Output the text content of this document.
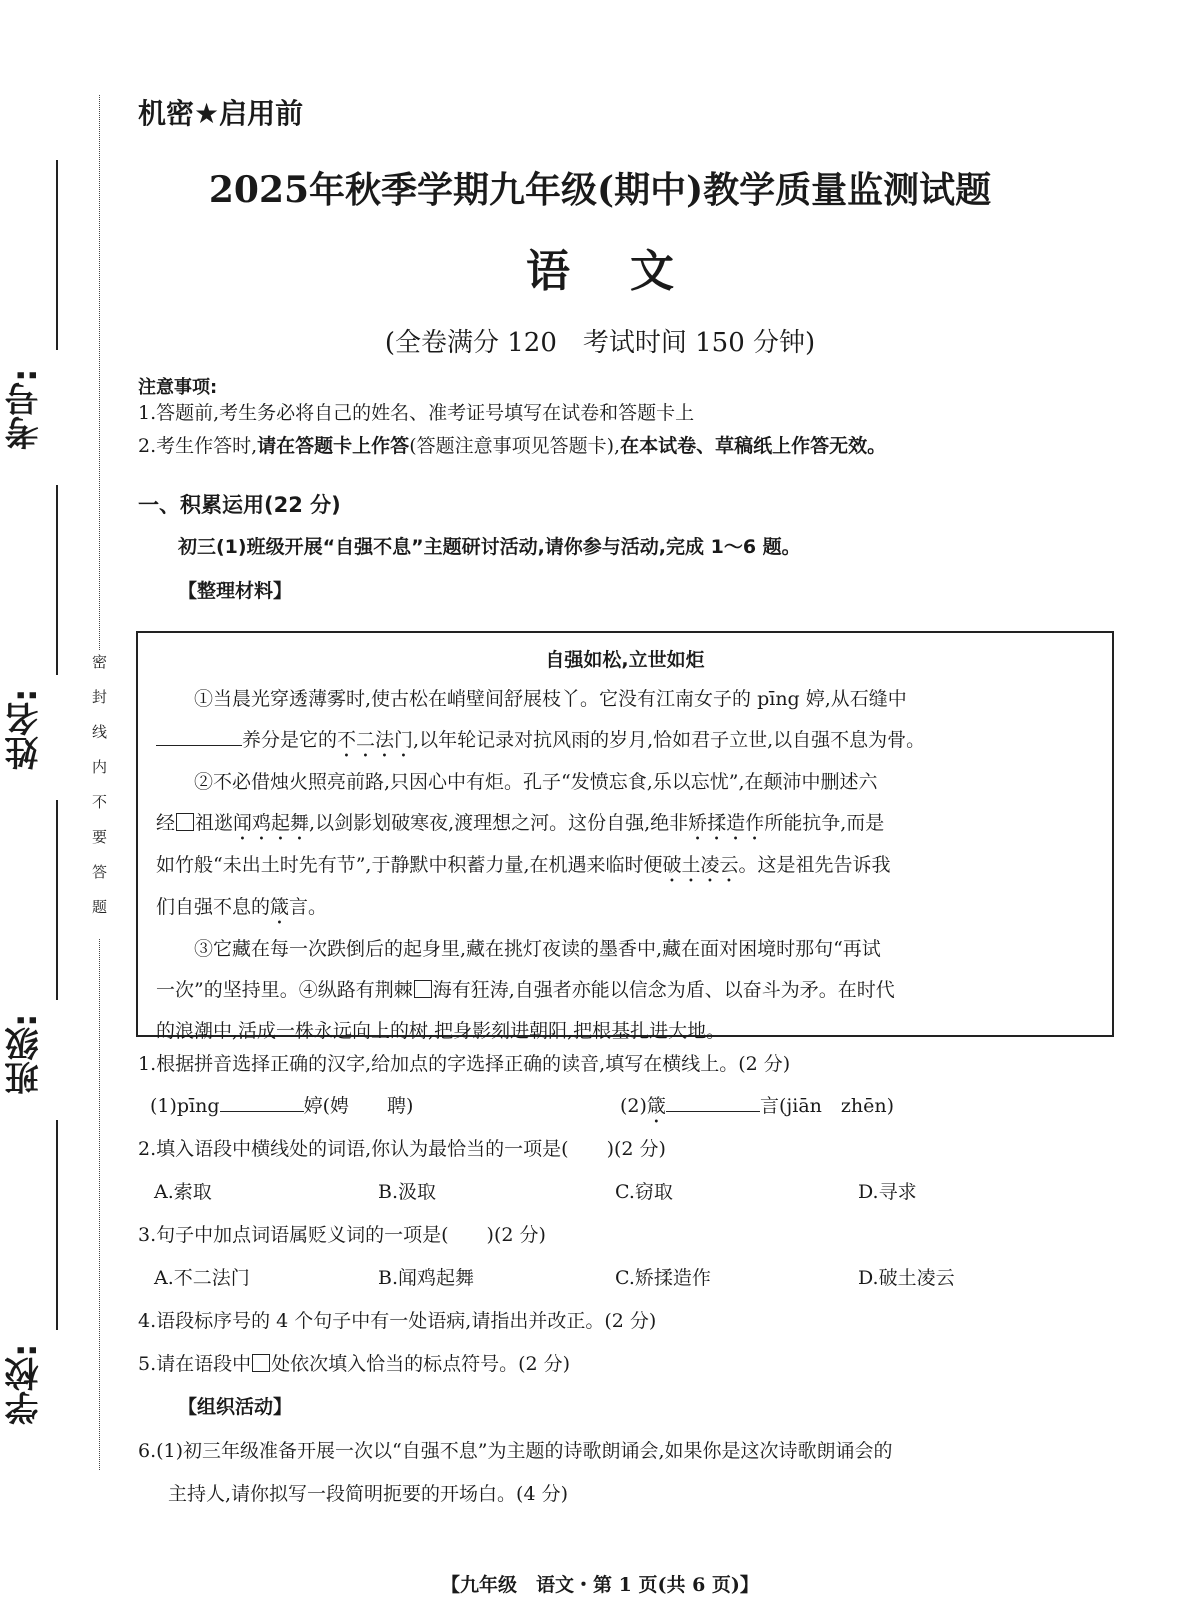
考号:
姓名:
班级:
学校:
密封线内不要答题
机密★启用前
2025年秋季学期九年级(期中)教学质量监测试题
语文
(全卷满分 120　考试时间 150 分钟)
注意事项:
1.答题前,考生务必将自己的姓名、准考证号填写在试卷和答题卡上
2.考生作答时,请在答题卡上作答(答题注意事项见答题卡),在本试卷、草稿纸上作答无效。
一、积累运用(22 分)
初三(1)班级开展“自强不息”主题研讨活动,请你参与活动,完成 1～6 题。
【整理材料】
自强如松,立世如炬
①当晨光穿透薄雾时,使古松在峭壁间舒展枝丫。它没有江南女子的 pīng 婷,从石缝中
养分是它的不二法门,以年轮记录对抗风雨的岁月,恰如君子立世,以自强不息为骨。
②不必借烛火照亮前路,只因心中有炬。孔子“发愤忘食,乐以忘忧”,在颠沛中删述六
经 祖逖闻鸡起舞,以剑影划破寒夜,渡理想之河。这份自强,绝非矫揉造作所能抗争,而是
如竹般“未出土时先有节”,于静默中积蓄力量,在机遇来临时便破土凌云。这是祖先告诉我
们自强不息的箴言。
③它藏在每一次跌倒后的起身里,藏在挑灯夜读的墨香中,藏在面对困境时那句“再试
一次”的坚持里。④纵路有荆棘 海有狂涛,自强者亦能以信念为盾、以奋斗为矛。在时代
的浪潮中,活成一株永远向上的树,把身影刻进朝阳,把根基扎进大地。
1.根据拼音选择正确的汉字,给加点的字选择正确的读音,填写在横线上。(2 分)
(1)pīng	婷(娉　　聘)	(2)箴	言(jiān　zhēn)
2.填入语段中横线处的词语,你认为最恰当的一项是(　　)(2 分)
A.索取	B.汲取	C.窃取	D.寻求
3.句子中加点词语属贬义词的一项是(　　)(2 分)
A.不二法门	B.闻鸡起舞	C.矫揉造作	D.破土凌云
4.语段标序号的 4 个句子中有一处语病,请指出并改正。(2 分)
5.请在语段中 处依次填入恰当的标点符号。(2 分)
【组织活动】
6.(1)初三年级准备开展一次以“自强不息”为主题的诗歌朗诵会,如果你是这次诗歌朗诵会的
主持人,请你拟写一段简明扼要的开场白。(4 分)
【九年级　语文・第 1 页(共 6 页)】
